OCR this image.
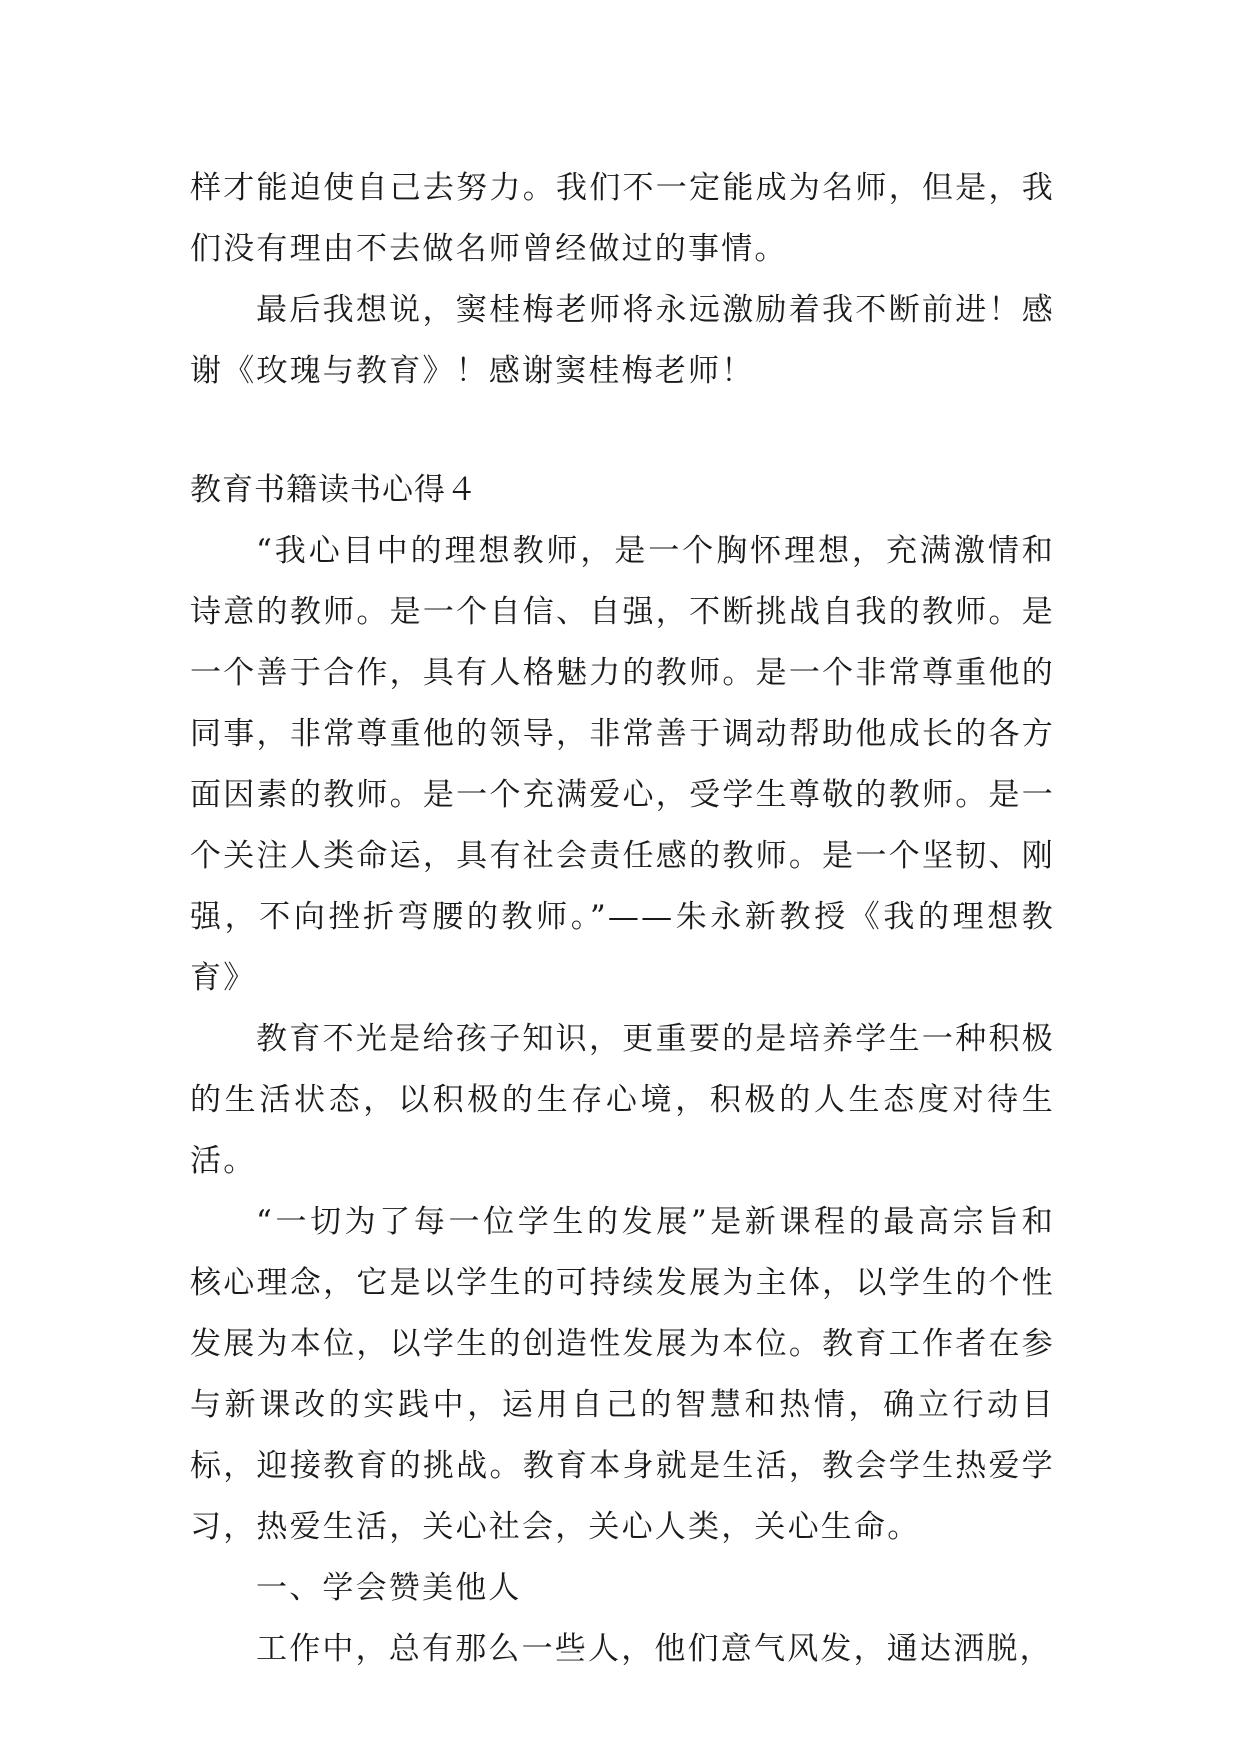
样才能迫使自己去努力。我们不一定能成为名师，但是，我们没有理由不去做名师曾经做过的事情。

最后我想说，窦桂梅老师将永远激励着我不断前进！感谢《玫瑰与教育》！感谢窦桂梅老师！

教育书籍读书心得４

“我心目中的理想教师，是一个胸怀理想，充满激情和诗意的教师。是一个自信、自强，不断挑战自我的教师。是一个善于合作，具有人格魅力的教师。是一个非常尊重他的同事，非常尊重他的领导，非常善于调动帮助他成长的各方面因素的教师。是一个充满爱心，受学生尊敬的教师。是一个关注人类命运，具有社会责任感的教师。是一个坚韧、刚强，不向挫折弯腰的教师。”——朱永新教授《我的理想教育》

教育不光是给孩子知识，更重要的是培养学生一种积极的生活状态，以积极的生存心境，积极的人生态度对待生活。

“一切为了每一位学生的发展”是新课程的最高宗旨和核心理念，它是以学生的可持续发展为主体，以学生的个性发展为本位，以学生的创造性发展为本位。教育工作者在参与新课改的实践中，运用自己的智慧和热情，确立行动目标，迎接教育的挑战。教育本身就是生活，教会学生热爱学习，热爱生活，关心社会，关心人类，关心生命。

一、学会赞美他人

工作中，总有那么一些人，他们意气风发，通达洒脱，
